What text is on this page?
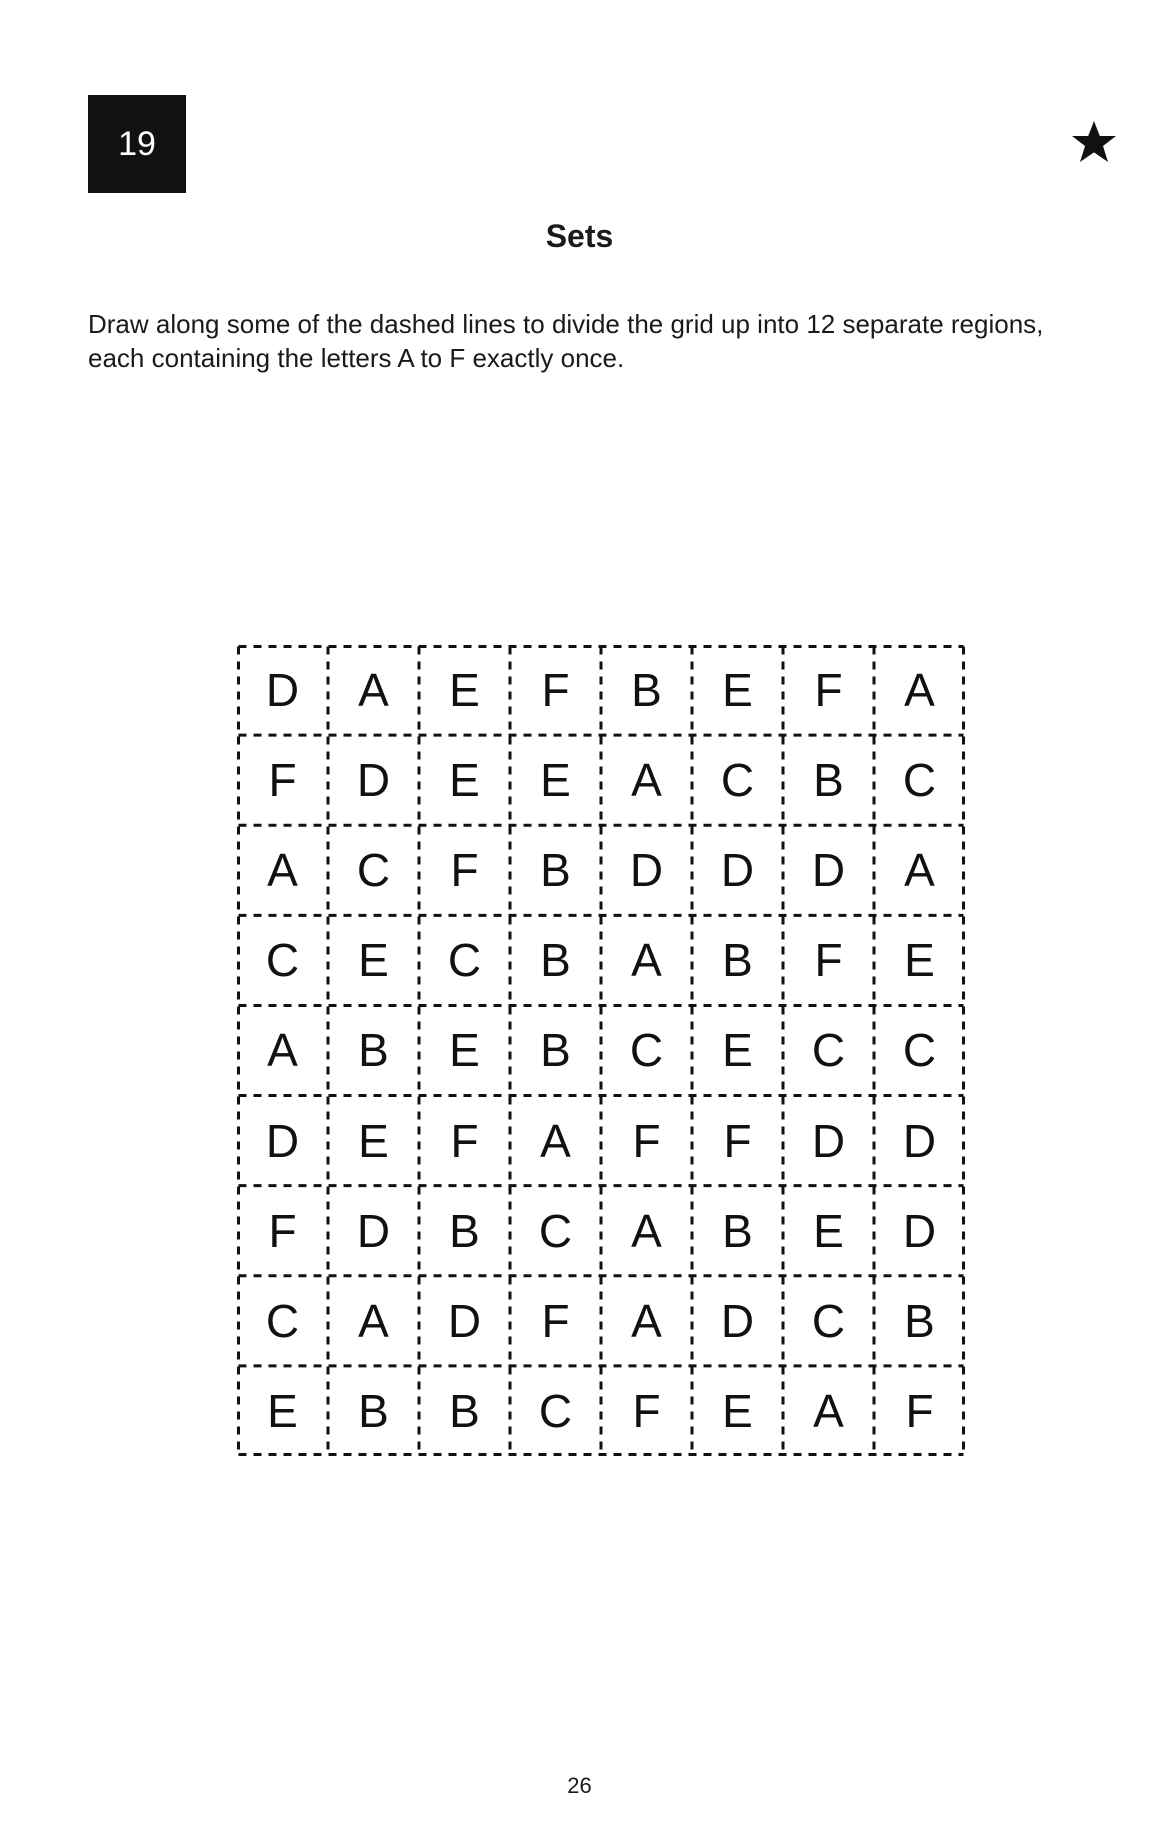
19
Sets
Draw along some of the dashed lines to divide the grid up into 12 separate regions, each containing the letters A to F exactly once.
D	A	E	F	B	E	F	A
F	D	E	E	A	C	B	C
A	C	F	B	D	D	D	A
C	E	C	B	A	B	F	E
A	B	E	B	C	E	C	C
D	E	F	A	F	F	D	D
F	D	B	C	A	B	E	D
C	A	D	F	A	D	C	B
E	B	B	C	F	E	A	F
26
